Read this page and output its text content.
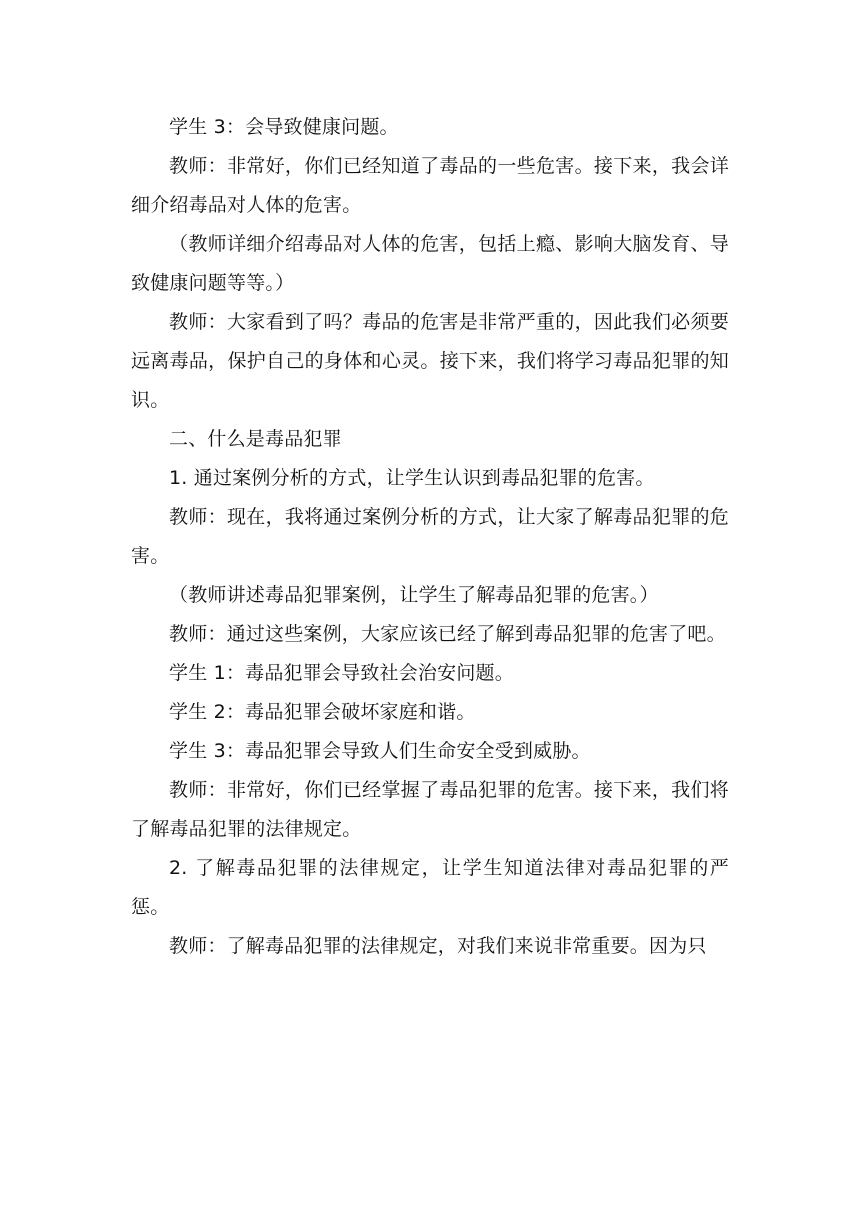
学生 3：会导致健康问题。

教师：非常好，你们已经知道了毒品的一些危害。接下来，我会详细介绍毒品对人体的危害。

（教师详细介绍毒品对人体的危害，包括上瘾、影响大脑发育、导致健康问题等等。）

教师：大家看到了吗？毒品的危害是非常严重的，因此我们必须要远离毒品，保护自己的身体和心灵。接下来，我们将学习毒品犯罪的知识。

二、什么是毒品犯罪

1. 通过案例分析的方式，让学生认识到毒品犯罪的危害。

教师：现在，我将通过案例分析的方式，让大家了解毒品犯罪的危害。

（教师讲述毒品犯罪案例，让学生了解毒品犯罪的危害。）

教师：通过这些案例，大家应该已经了解到毒品犯罪的危害了吧。

学生 1：毒品犯罪会导致社会治安问题。

学生 2：毒品犯罪会破坏家庭和谐。

学生 3：毒品犯罪会导致人们生命安全受到威胁。

教师：非常好，你们已经掌握了毒品犯罪的危害。接下来，我们将了解毒品犯罪的法律规定。

2. 了解毒品犯罪的法律规定，让学生知道法律对毒品犯罪的严惩。

教师：了解毒品犯罪的法律规定，对我们来说非常重要。因为只
